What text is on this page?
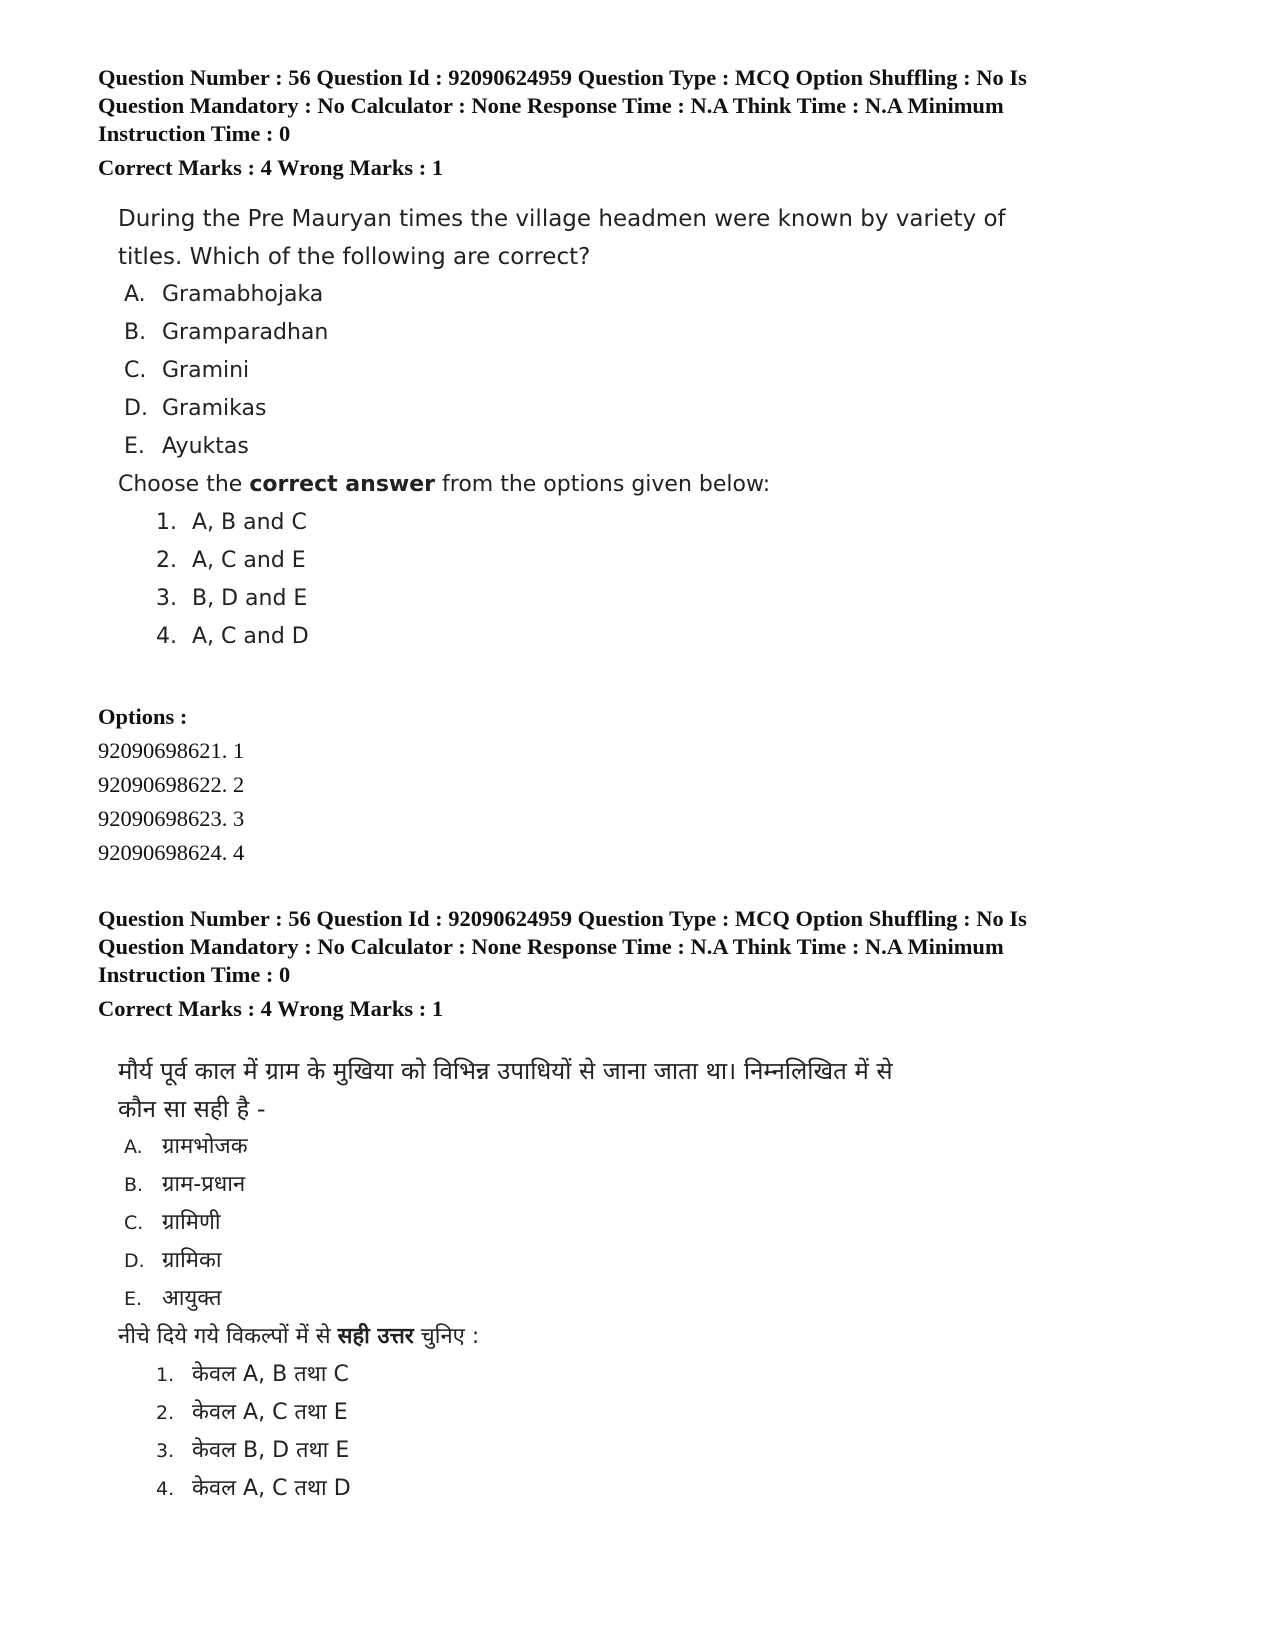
Question Number : 56 Question Id : 92090624959 Question Type : MCQ Option Shuffling : No Is

Question Mandatory : No Calculator : None Response Time : N.A Think Time : N.A Minimum

Instruction Time : 0

Correct Marks : 4 Wrong Marks : 1

During the Pre Mauryan times the village headmen were known by variety of

titles. Which of the following are correct?

A. Gramabhojaka

B. Gramparadhan

C. Gramini

D. Gramikas

E. Ayuktas

Choose the correct answer from the options given below:

1. A, B and C

2. A, C and E

3. B, D and E

4. A, C and D

Options :
92090698621. 1
92090698622. 2
92090698623. 3
92090698624. 4

Question Number : 56 Question Id : 92090624959 Question Type : MCQ Option Shuffling : No Is

Question Mandatory : No Calculator : None Response Time : N.A Think Time : N.A Minimum

Instruction Time : 0

Correct Marks : 4 Wrong Marks : 1

मौर्य पूर्व काल में ग्राम के मुखिया को विभिन्न उपाधियों से जाना जाता था। निम्नलिखित में से

कौन सा सही है -

A. ग्रामभोजक

B. ग्राम-प्रधान

C. ग्रामिणी

D. ग्रामिका

E. आयुक्त

नीचे दिये गये विकल्पों में से सही उत्तर चुनिए :

1. केवल A, B तथा C

2. केवल A, C तथा E

3. केवल B, D तथा E

4. केवल A, C तथा D
